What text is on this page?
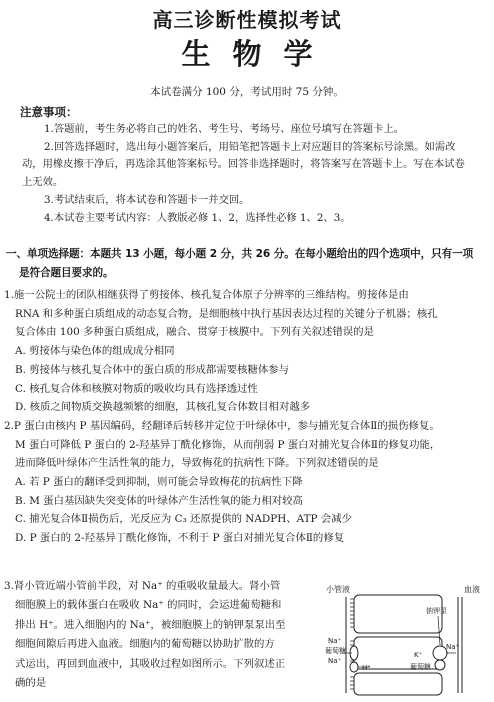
高三诊断性模拟考试
生物学
本试卷满分 100 分，考试用时 75 分钟。
注意事项：

1.答题前，考生务必将自己的姓名、考生号、考场号、座位号填写在答题卡上。

2.回答选择题时，选出每小题答案后，用铅笔把答题卡上对应题目的答案标号涂黑。如需改动，用橡皮擦干净后，再选涂其他答案标号。回答非选择题时，将答案写在答题卡上。写在本试卷上无效。

3.考试结束后，将本试卷和答题卡一并交回。

4.本试卷主要考试内容：人教版必修 1、2，选择性必修 1、2、3。

一、单项选择题：本题共 13 小题，每小题 2 分，共 26 分。在每小题给出的四个选项中，只有一项
是符合题目要求的。

1.施一公院士的团队相继获得了剪接体、核孔复合体原子分辨率的三维结构。剪接体是由

RNA 和多种蛋白质组成的动态复合物，是细胞核中执行基因表达过程的关键分子机器；核孔

复合体由 100 多种蛋白质组成，融合、贯穿于核膜中。下列有关叙述错误的是

A. 剪接体与染色体的组成成分相同

B. 剪接体与核孔复合体中的蛋白质的形成都需要核糖体参与

C. 核孔复合体和核膜对物质的吸收均具有选择透过性

D. 核质之间物质交换越频繁的细胞，其核孔复合体数目相对越多

2.P 蛋白由核内 P 基因编码，经翻译后转移并定位于叶绿体中，参与捕光复合体Ⅱ的损伤修复。

M 蛋白可降低 P 蛋白的 2-羟基异丁酰化修饰，从而削弱 P 蛋白对捕光复合体Ⅱ的修复功能，

进而降低叶绿体产生活性氧的能力，导致梅花的抗病性下降。下列叙述错误的是

A. 若 P 蛋白的翻译受到抑制，则可能会导致梅花的抗病性下降

B. M 蛋白基因缺失突变体的叶绿体产生活性氧的能力相对较高

C. 捕光复合体Ⅱ损伤后，光反应为 C₃ 还原提供的 NADPH、ATP 会减少

D. P 蛋白的 2-羟基异丁酰化修饰，不利于 P 蛋白对捕光复合体Ⅱ的修复

3.肾小管近端小管前半段，对 Na⁺ 的重吸收量最大。肾小管

细胞膜上的载体蛋白在吸收 Na⁺ 的同时，会运进葡萄糖和

排出 H⁺。进入细胞内的 Na⁺，被细胞膜上的钠钾泵泵出至

细胞间隙后再进入血液。细胞内的葡萄糖以协助扩散的方

式运出，再回到血液中，其吸收过程如图所示。下列叙述正

确的是

小管液	血液
Na⁺
葡萄糖
Na⁺
H⁺
钠钾泵
K⁺
Na⁺
葡萄糖
